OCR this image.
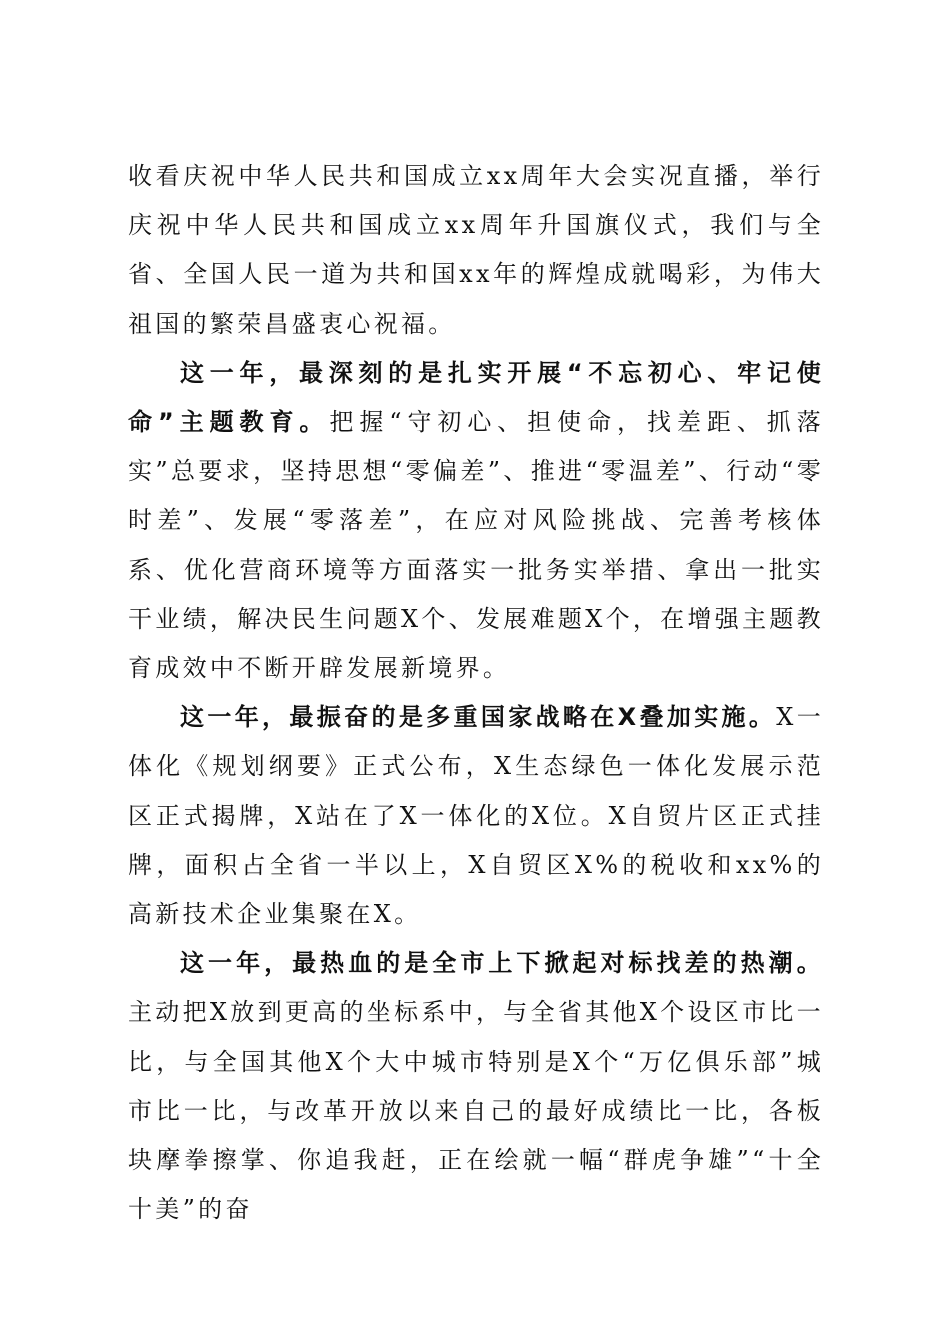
收看庆祝中华人民共和国成立xx周年大会实况直播，举行庆祝中华人民共和国成立xx周年升国旗仪式，我们与全省、全国人民一道为共和国xx年的辉煌成就喝彩，为伟大祖国的繁荣昌盛衷心祝福。

这一年，最深刻的是扎实开展“不忘初心、牢记使命”主题教育。把握“守初心、担使命，找差距、抓落实”总要求，坚持思想“零偏差”、推进“零温差”、行动“零时差”、发展“零落差”，在应对风险挑战、完善考核体系、优化营商环境等方面落实一批务实举措、拿出一批实干业绩，解决民生问题X个、发展难题X个，在增强主题教育成效中不断开辟发展新境界。

这一年，最振奋的是多重国家战略在X叠加实施。X一体化《规划纲要》正式公布，X生态绿色一体化发展示范区正式揭牌，X站在了X一体化的X位。X自贸片区正式挂牌，面积占全省一半以上，X自贸区X%的税收和xx%的高新技术企业集聚在X。

这一年，最热血的是全市上下掀起对标找差的热潮。主动把X放到更高的坐标系中，与全省其他X个设区市比一比，与全国其他X个大中城市特别是X个“万亿俱乐部”城市比一比，与改革开放以来自己的最好成绩比一比，各板块摩拳擦掌、你追我赶，正在绘就一幅“群虎争雄”“十全十美”的奋
